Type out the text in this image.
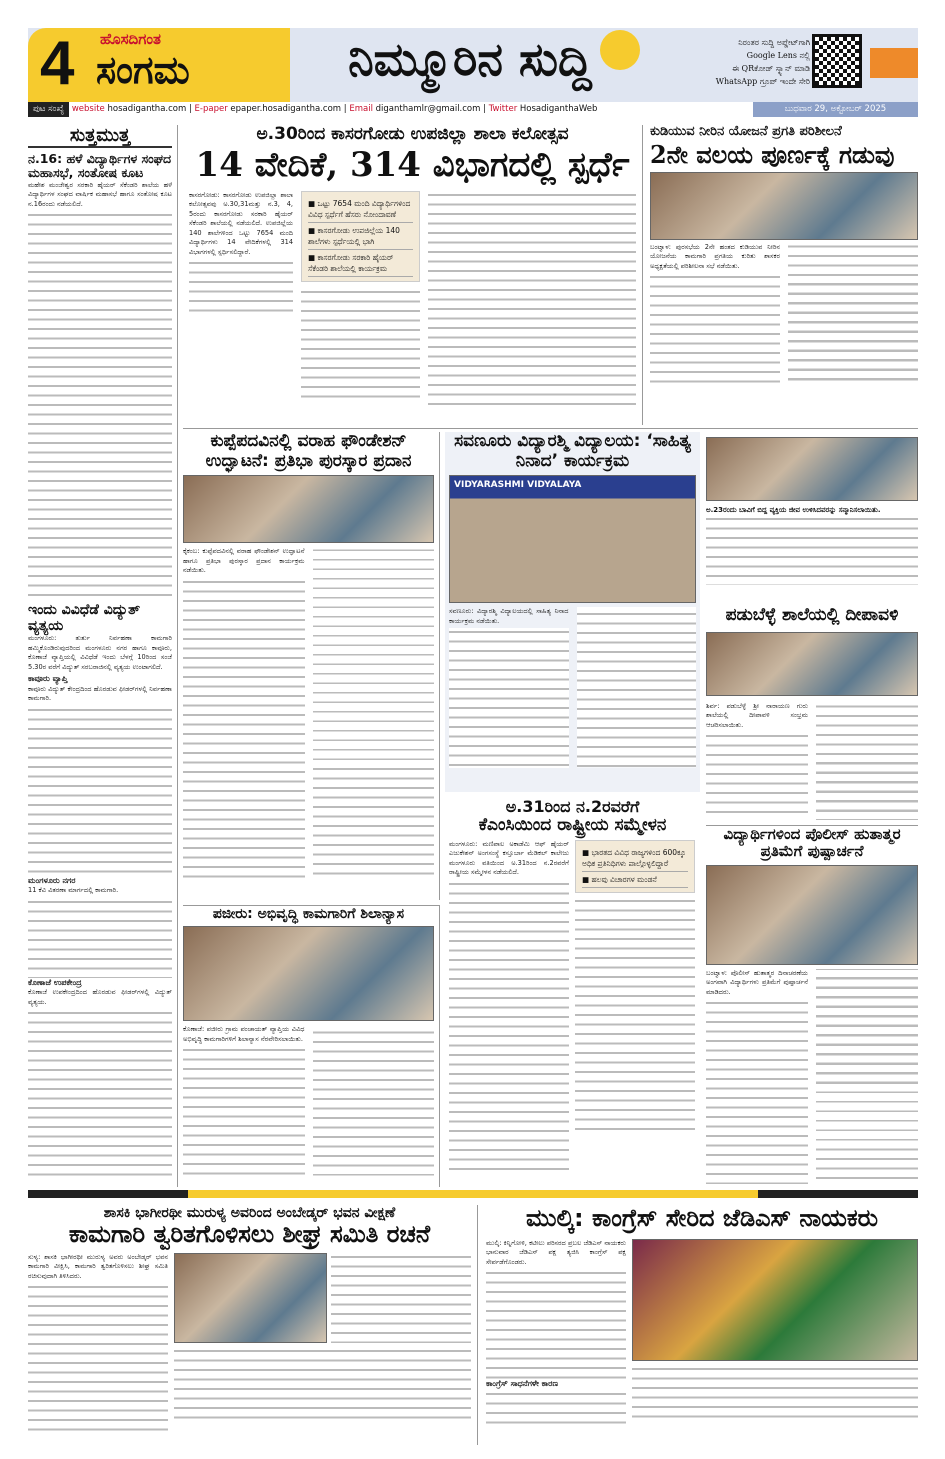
4 ಹೊಸದಿಗಂತ
ಸಂಗಮ	ನಿಮ್ಮೂರಿನ ಸುದ್ದಿ	ನಿರಂತರ ಸುದ್ದಿ ಅಪ್ಡೇಟ್‌ಗಾಗಿ
Google Lens ನಲ್ಲಿ
ಈ QRಕೋಡ್ ಸ್ಕ್ಯಾನ್ ಮಾಡಿ
WhatsApp ಗ್ರೂಪ್ ಇಂದೇ ಸೇರಿ
ಪುಟ ಸಂಖ್ಯೆ website hosadigantha.com | E-paper epaper.hosadigantha.com | Email diganthamlr@gmail.com | Twitter HosadiganthaWeb	ಬುಧವಾರ 29, ಅಕ್ಟೋಬರ್ 2025
ಸುತ್ತಮುತ್ತ
ನ.16: ಹಳೆ ವಿದ್ಯಾರ್ಥಿಗಳ ಸಂಘದ ಮಹಾಸಭೆ, ಸಂತೋಷ ಕೂಟ

ಮಹೇಶ ಮಂಜೇಶ್ವರ ಸರಕಾರಿ ಹೈಯರ್ ಸೆಕೆಂಡರಿ ಶಾಲೆಯ ಹಳೆ ವಿದ್ಯಾರ್ಥಿಗಳ ಸಂಘದ ವಾರ್ಷಿಕ ಮಹಾಸಭೆ ಹಾಗೂ ಸಂತೋಷ ಕೂಟ ನ.16ರಂದು ನಡೆಯಲಿದೆ.

ಇಂದು ವಿವಿಧೆಡೆ ವಿದ್ಯುತ್ ವ್ಯತ್ಯಯ

ಮಂಗಳೂರು: ತುರ್ತು ನಿರ್ವಹಣಾ ಕಾಮಗಾರಿ ಹಮ್ಮಿಕೊಂಡಿರುವುದರಿಂದ ಮಂಗಳೂರು ನಗರ ಹಾಗೂ ಕಾವೂರು, ಕೊಣಾಜೆ ವ್ಯಾಪ್ತಿಯಲ್ಲಿ ವಿವಿಧೆಡೆ ಇಂದು ಬೆಳಗ್ಗೆ 10ರಿಂದ ಸಂಜೆ 5.30ರ ವರೆಗೆ ವಿದ್ಯುತ್ ಸರಬರಾಜಿನಲ್ಲಿ ವ್ಯತ್ಯಯ ಉಂಟಾಗಲಿದೆ.

ಕಾವೂರು ವ್ಯಾಪ್ತಿ

ಕಾವೂರು ವಿದ್ಯುತ್ ಕೇಂದ್ರದಿಂದ ಹೊರಡುವ ಫೀಡರ್‌ಗಳಲ್ಲಿ ನಿರ್ವಹಣಾ ಕಾಮಗಾರಿ.

ಮಂಗಳೂರು ನಗರ

11 ಕೆವಿ ವಿತರಣಾ ಮಾರ್ಗದಲ್ಲಿ ಕಾಮಗಾರಿ.

ಕೊಣಾಜೆ ಉಪಕೇಂದ್ರ

ಕೊಣಾಜೆ ಉಪಕೇಂದ್ರದಿಂದ ಹೊರಡುವ ಫೀಡರ್‌ಗಳಲ್ಲಿ ವಿದ್ಯುತ್ ವ್ಯತ್ಯಯ.

ಅ.30ರಿಂದ ಕಾಸರಗೋಡು ಉಪಜಿಲ್ಲಾ ಶಾಲಾ ಕಲೋತ್ಸವ
14 ವೇದಿಕೆ, 314 ವಿಭಾಗದಲ್ಲಿ ಸ್ಪರ್ಧೆ

ಕಾಸರಗೋಡು: ಕಾಸರಗೋಡು ಉಪಜಿಲ್ಲಾ ಶಾಲಾ ಕಲೋತ್ಸವವು ಅ.30,31ಮತ್ತು ನ.3, 4, 5ರಂದು ಕಾಸರಗೋಡು ಸರಕಾರಿ ಹೈಯರ್ ಸೆಕೆಂಡರಿ ಶಾಲೆಯಲ್ಲಿ ನಡೆಯಲಿದೆ. ಉಪಜಿಲ್ಲೆಯ 140 ಶಾಲೆಗಳಿಂದ ಒಟ್ಟು 7654 ಮಂದಿ ವಿದ್ಯಾರ್ಥಿಗಳು 14 ವೇದಿಕೆಗಳಲ್ಲಿ 314 ವಿಭಾಗಗಳಲ್ಲಿ ಸ್ಪರ್ಧಿಸಲಿದ್ದಾರೆ.

■ ಒಟ್ಟು 7654 ಮಂದಿ ವಿದ್ಯಾರ್ಥಿಗಳಿಂದ ವಿವಿಧ ಸ್ಪರ್ಧೆಗೆ ಹೆಸರು ನೋಂದಾವಣೆ
■ ಕಾಸರಗೋಡು ಉಪಜಿಲ್ಲೆಯ 140 ಶಾಲೆಗಳು ಸ್ಪರ್ಧೆಯಲ್ಲಿ ಭಾಗಿ
■ ಕಾಸರಗೋಡು ಸರಕಾರಿ ಹೈಯರ್ ಸೆಕೆಂಡರಿ ಶಾಲೆಯಲ್ಲಿ ಕಾರ್ಯಕ್ರಮ
ಕುಡಿಯುವ ನೀರಿನ ಯೋಜನೆ ಪ್ರಗತಿ ಪರಿಶೀಲನೆ
2ನೇ ವಲಯ ಪೂರ್ಣಕ್ಕೆ ಗಡುವು

ಬಂಟ್ವಾಳ: ಪುರಸಭೆಯ 2ನೇ ಹಂತದ ಕುಡಿಯುವ ನೀರಿನ ಯೋಜನೆಯ ಕಾಮಗಾರಿ ಪ್ರಗತಿಯ ಕುರಿತು ಶಾಸಕರ ಅಧ್ಯಕ್ಷತೆಯಲ್ಲಿ ಪರಿಶೀಲನಾ ಸಭೆ ನಡೆಯಿತು.

ಕುಪ್ಪೆಪದವಿನಲ್ಲಿ ವರಾಹ ಫೌಂಡೇಶನ್ ಉದ್ಘಾಟನೆ: ಪ್ರತಿಭಾ ಪುರಸ್ಕಾರ ಪ್ರದಾನ

ಕೈಕಂಬ: ಕುಪ್ಪೆಪದವಿನಲ್ಲಿ ವರಾಹ ಫೌಂಡೇಶನ್ ಉದ್ಘಾಟನೆ ಹಾಗೂ ಪ್ರತಿಭಾ ಪುರಸ್ಕಾರ ಪ್ರದಾನ ಕಾರ್ಯಕ್ರಮ ನಡೆಯಿತು.

ಸವಣೂರು ವಿದ್ಯಾರಶ್ಮಿ ವಿದ್ಯಾಲಯ: ‘ಸಾಹಿತ್ಯ ನಿನಾದ’ ಕಾರ್ಯಕ್ರಮ
VIDYARASHMI VIDYALAYA

ಸವಣೂರು: ವಿದ್ಯಾರಶ್ಮಿ ವಿದ್ಯಾಲಯದಲ್ಲಿ ಸಾಹಿತ್ಯ ನಿನಾದ ಕಾರ್ಯಕ್ರಮ ನಡೆಯಿತು.

ಅ.23ರಂದು ಬಾವಿಗೆ ಬಿದ್ದ ವ್ಯಕ್ತಿಯ ಜೀವ ಉಳಿಸಿದವರನ್ನು ಸನ್ಮಾನಿಸಲಾಯಿತು.
ಪಡುಬೆಳ್ಳೆ ಶಾಲೆಯಲ್ಲಿ ದೀಪಾವಳಿ

ಶಿರ್ವ: ಪಡುಬೆಳ್ಳೆ ಶ್ರೀ ನಾರಾಯಣ ಗುರು ಶಾಲೆಯಲ್ಲಿ ದೀಪಾವಳಿ ಸಂಭ್ರಮ ಆಚರಿಸಲಾಯಿತು.

ಅ.31ರಿಂದ ನ.2ರವರೆಗೆ
ಕೆಎಂಸಿಯಿಂದ ರಾಷ್ಟ್ರೀಯ ಸಮ್ಮೇಳನ

ಮಂಗಳೂರು: ಮಣಿಪಾಲ ಅಕಾಡೆಮಿ ಆಫ್ ಹೈಯರ್ ಎಜುಕೇಶನ್ ಅಂಗಸಂಸ್ಥೆ ಕಸ್ತೂರ್ಬಾ ಮೆಡಿಕಲ್ ಕಾಲೇಜು ಮಂಗಳೂರು ವತಿಯಿಂದ ಅ.31ರಿಂದ ನ.2ರವರೆಗೆ ರಾಷ್ಟ್ರೀಯ ಸಮ್ಮೇಳನ ನಡೆಯಲಿದೆ.

■ ಭಾರತದ ವಿವಿಧ ರಾಜ್ಯಗಳಿಂದ 600ಕ್ಕೂ ಅಧಿಕ ಪ್ರತಿನಿಧಿಗಳು ಪಾಲ್ಗೊಳ್ಳಲಿದ್ದಾರೆ
■ ಹಲವು ವಿಚಾರಗಳ ಮಂಡನೆ
ಪಜೀರು: ಅಭಿವೃದ್ಧಿ ಕಾಮಗಾರಿಗೆ ಶಿಲಾನ್ಯಾಸ

ಕೊಣಾಜೆ: ಪಜೀರು ಗ್ರಾಮ ಪಂಚಾಯತ್ ವ್ಯಾಪ್ತಿಯ ವಿವಿಧ ಅಭಿವೃದ್ಧಿ ಕಾಮಗಾರಿಗಳಿಗೆ ಶಿಲಾನ್ಯಾಸ ನೆರವೇರಿಸಲಾಯಿತು.

ವಿದ್ಯಾರ್ಥಿಗಳಿಂದ ಪೊಲೀಸ್ ಹುತಾತ್ಮರ ಪ್ರತಿಮೆಗೆ ಪುಷ್ಪಾರ್ಚನೆ

ಬಂಟ್ವಾಳ: ಪೊಲೀಸ್ ಹುತಾತ್ಮರ ದಿನಾಚರಣೆಯ ಅಂಗವಾಗಿ ವಿದ್ಯಾರ್ಥಿಗಳು ಪ್ರತಿಮೆಗೆ ಪುಷ್ಪಾರ್ಚನೆ ಮಾಡಿದರು.

ಶಾಸಕಿ ಭಾಗೀರಥೀ ಮುರುಳ್ಯ ಅವರಿಂದ ಅಂಬೇಡ್ಕರ್ ಭವನ ವೀಕ್ಷಣೆ
ಕಾಮಗಾರಿ ತ್ವರಿತಗೊಳಿಸಲು ಶೀಘ್ರ ಸಮಿತಿ ರಚನೆ

ಸುಳ್ಯ: ಶಾಸಕಿ ಭಾಗೀರಥೀ ಮುರುಳ್ಯ ಅವರು ಅಂಬೇಡ್ಕರ್ ಭವನ ಕಾಮಗಾರಿ ವೀಕ್ಷಿಸಿ, ಕಾಮಗಾರಿ ತ್ವರಿತಗೊಳಿಸಲು ಶೀಘ್ರ ಸಮಿತಿ ರಚಿಸುವುದಾಗಿ ತಿಳಿಸಿದರು.

ಮುಲ್ಕಿ: ಕಾಂಗ್ರೆಸ್ ಸೇರಿದ ಜೆಡಿಎಸ್ ನಾಯಕರು

ಮುಲ್ಕಿ: ಕಿನ್ನಿಗೋಳಿ, ಕಟೀಲು ಪರಿಸರದ ಪ್ರಬಲ ಜೆಡಿಎಸ್ ನಾಯಕರು ಭಾನುವಾರ ಜೆಡಿಎಸ್ ಪಕ್ಷ ತ್ಯಜಿಸಿ ಕಾಂಗ್ರೆಸ್ ಪಕ್ಷ ಸೇರ್ಪಡೆಗೊಂಡರು.

ಕಾಂಗ್ರೆಸ್ ಸಾಧನೆಗಳೇ ಕಾರಣ
